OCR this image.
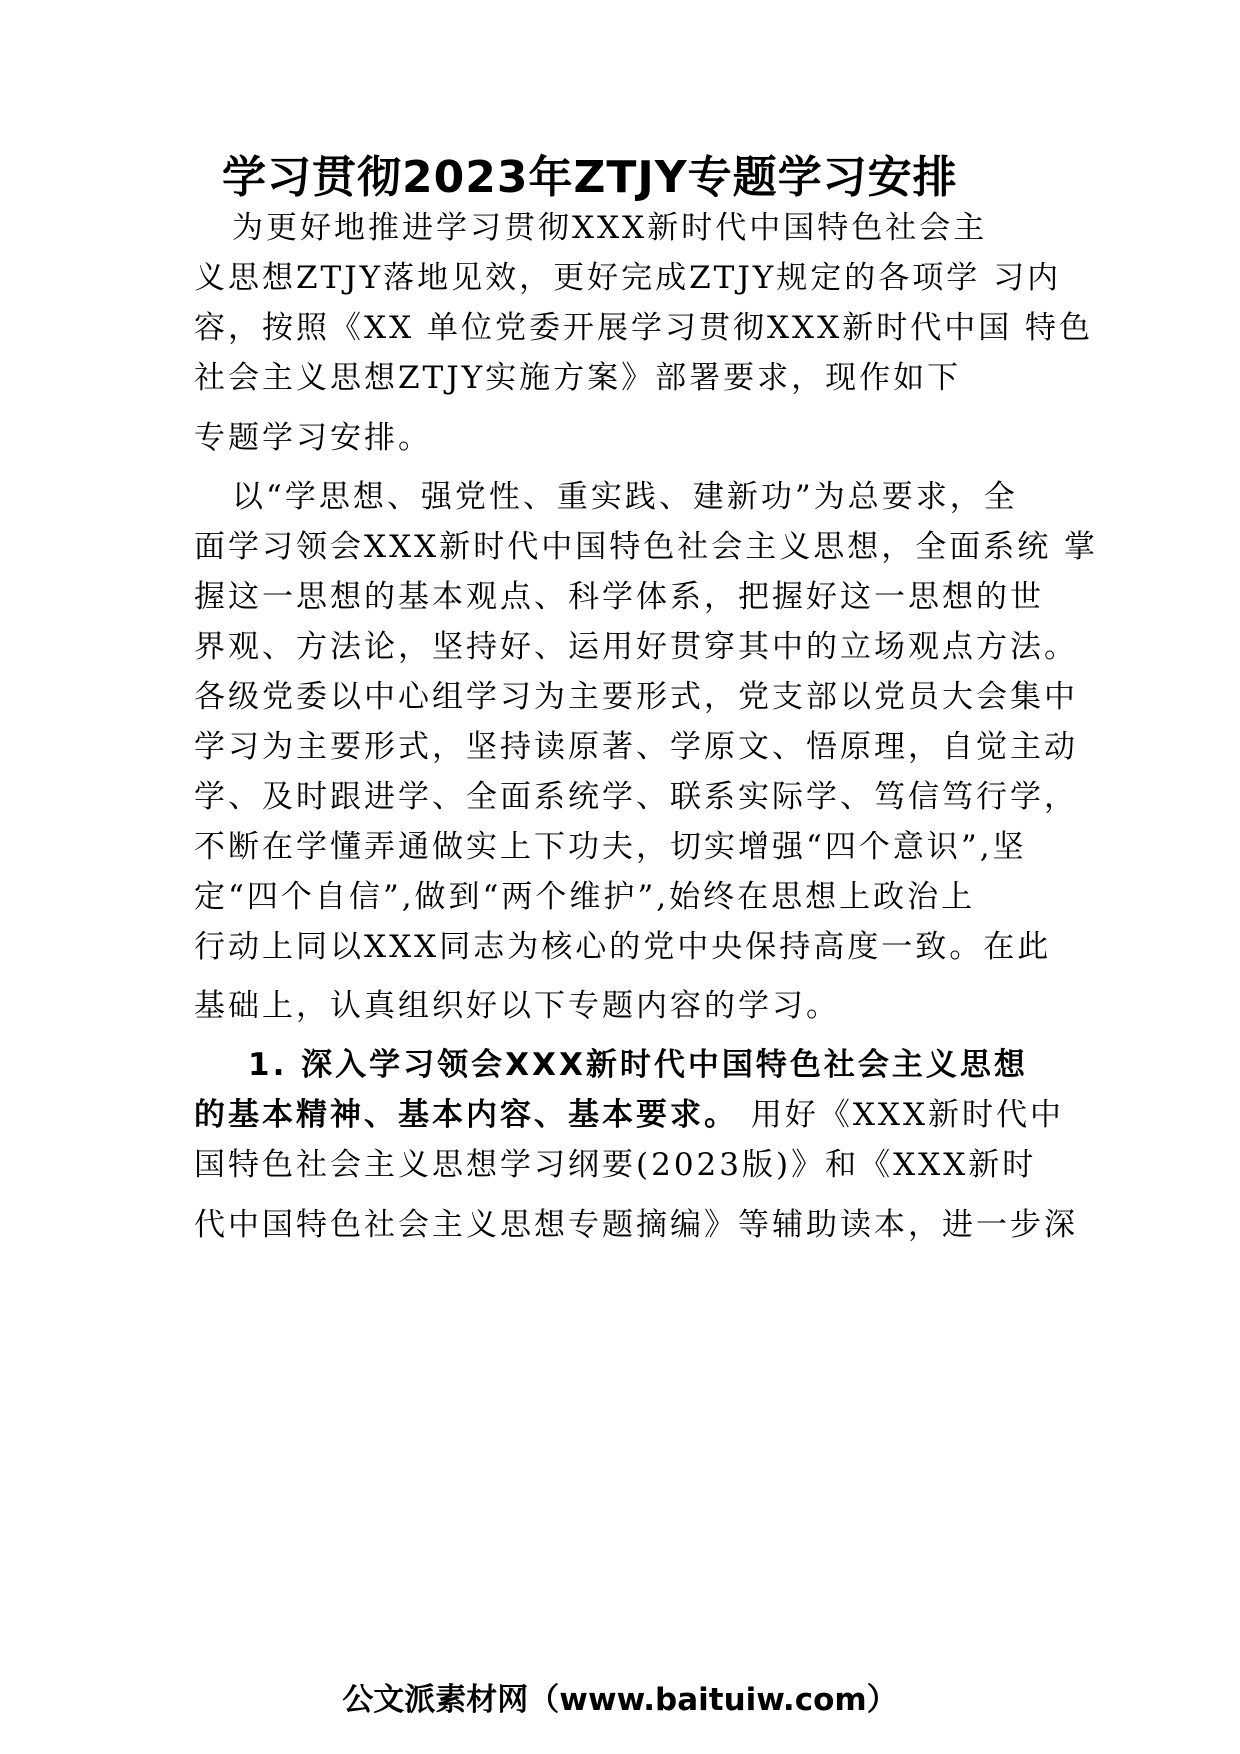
学习贯彻2023年ZTJY专题学习安排
为更好地推进学习贯彻XXX新时代中国特色社会主
义思想ZTJY落地见效，更好完成ZTJY规定的各项学 习内
容，按照《XX 单位党委开展学习贯彻XXX新时代中国 特色
社会主义思想ZTJY实施方案》部署要求，现作如下
专题学习安排。
以“学思想、强党性、重实践、建新功”为总要求，全
面学习领会XXX新时代中国特色社会主义思想，全面系统 掌
握这一思想的基本观点、科学体系，把握好这一思想的世
界观、方法论，坚持好、运用好贯穿其中的立场观点方法。
各级党委以中心组学习为主要形式，党支部以党员大会集中
学习为主要形式，坚持读原著、学原文、悟原理，自觉主动
学、及时跟进学、全面系统学、联系实际学、笃信笃行学，
不断在学懂弄通做实上下功夫，切实增强“四个意识”,坚
定“四个自信”,做到“两个维护”,始终在思想上政治上
行动上同以XXX同志为核心的党中央保持高度一致。在此
基础上，认真组织好以下专题内容的学习。
1. 深入学习领会XXX新时代中国特色社会主义思想
的基本精神、基本内容、基本要求。 用好《XXX新时代中
国特色社会主义思想学习纲要(2023版)》和《XXX新时
代中国特色社会主义思想专题摘编》等辅助读本，进一步深
公文派素材网（www.baituiw.com）
